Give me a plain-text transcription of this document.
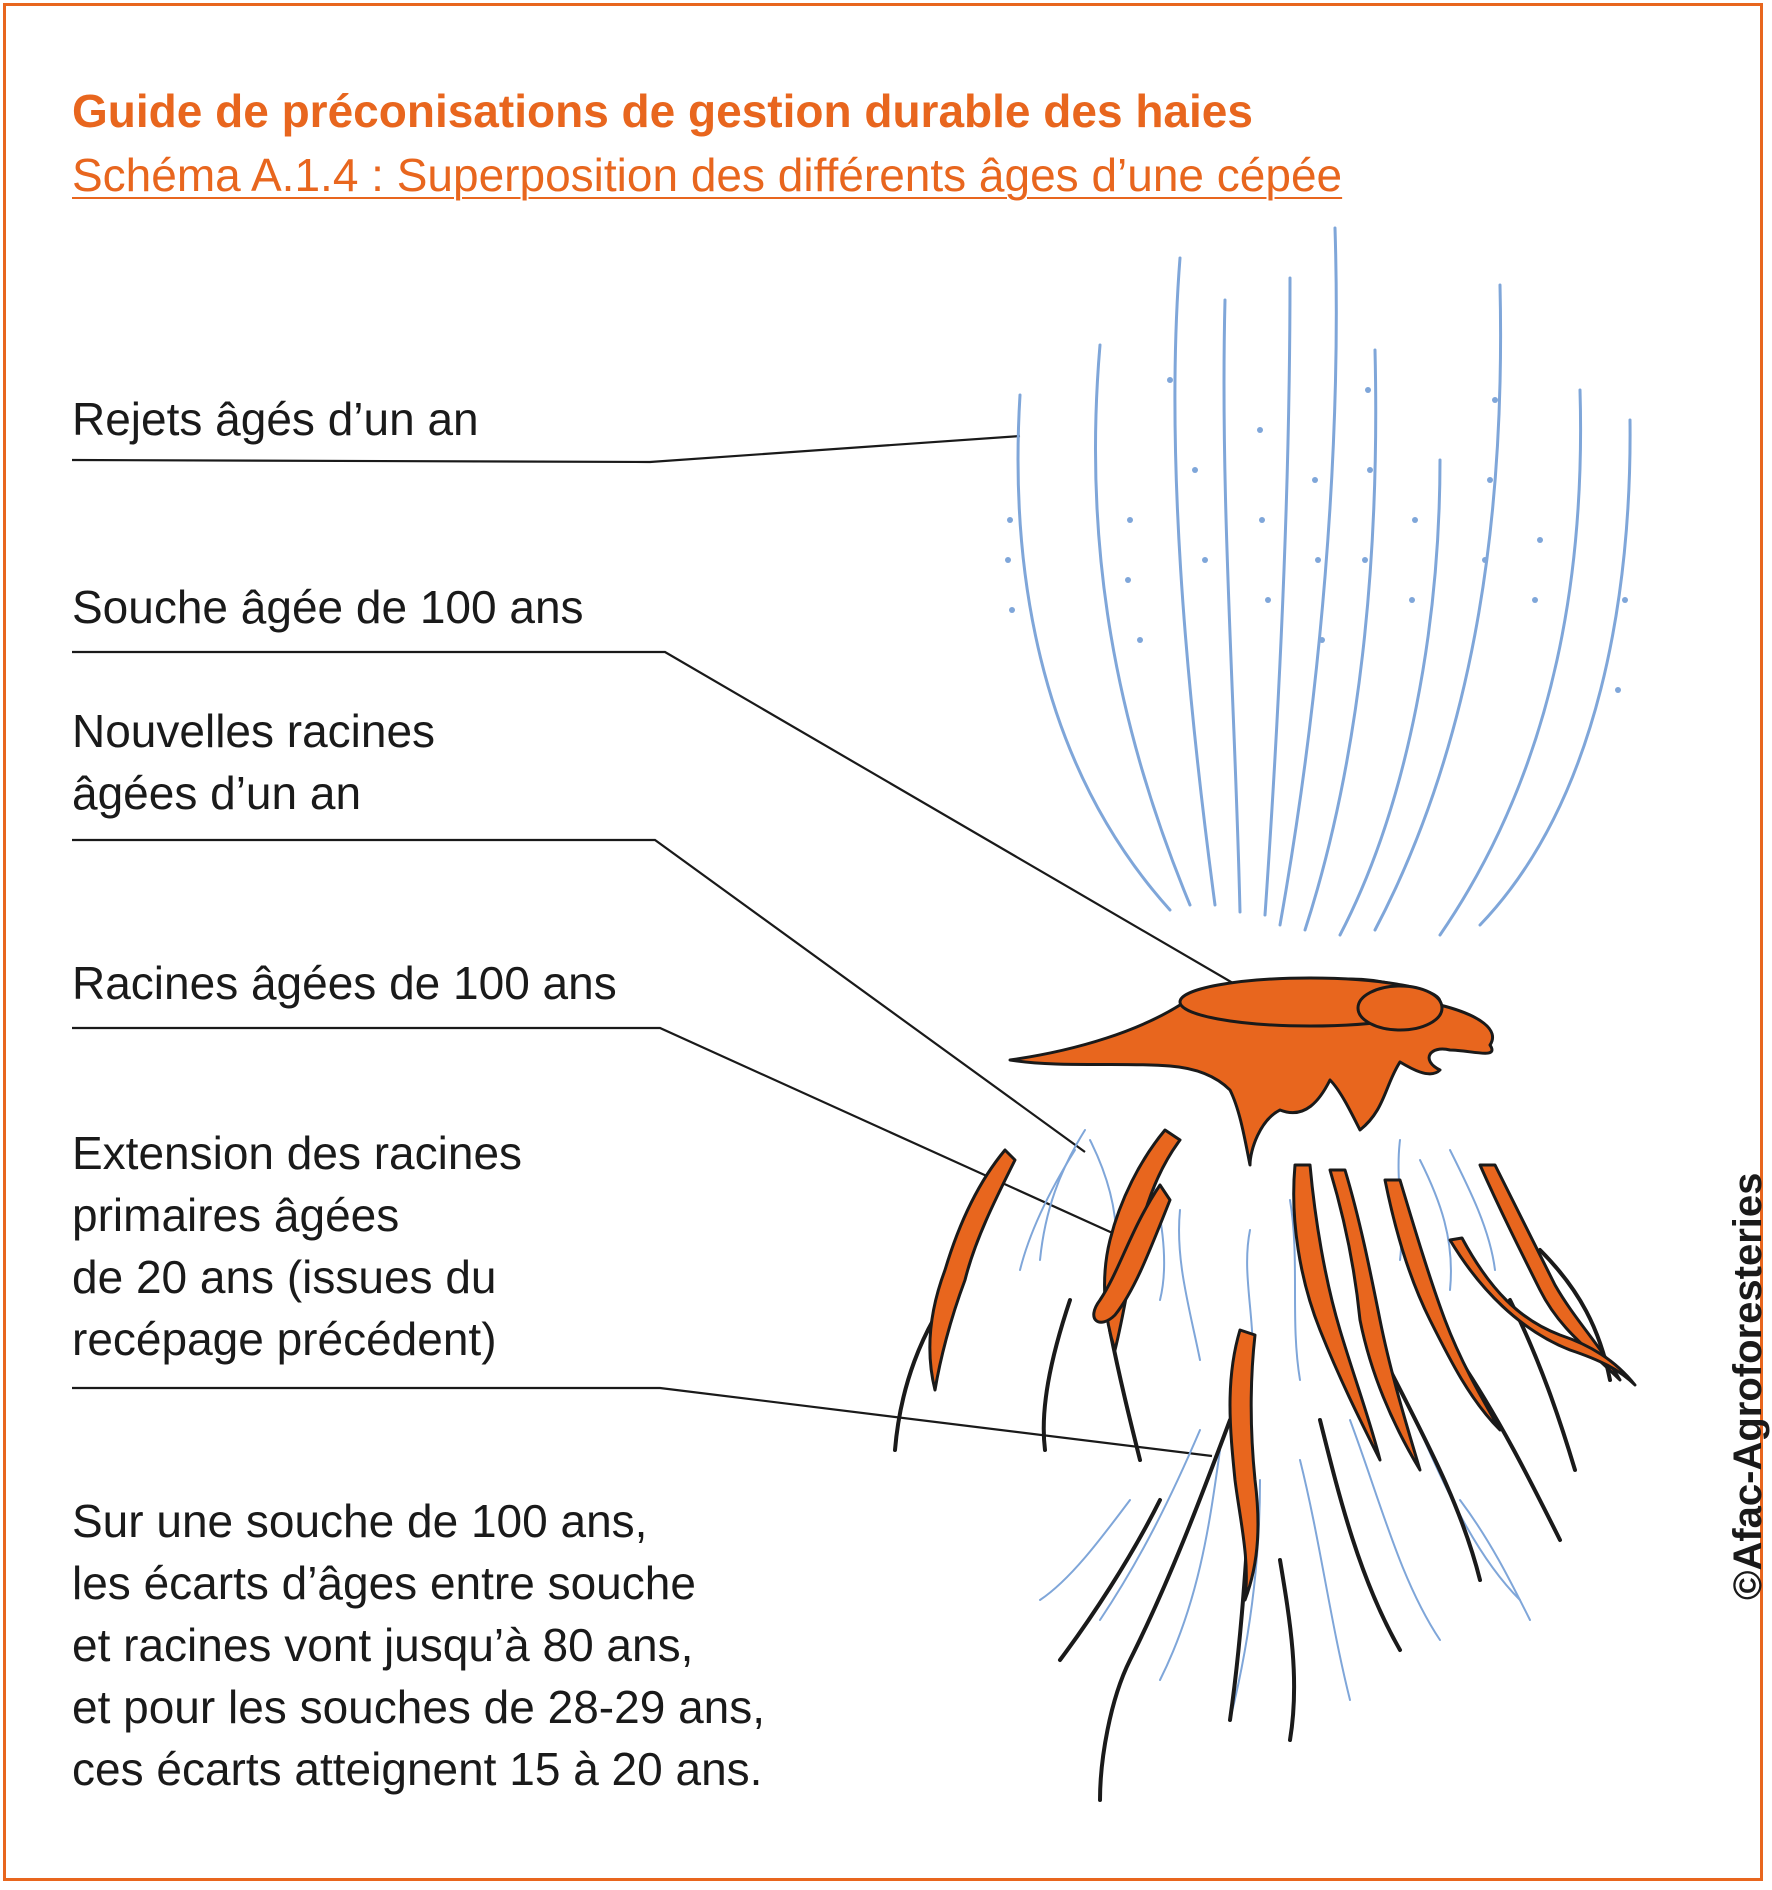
Guide de préconisations de gestion durable des haies
Schéma A.1.4 : Superposition des différents âges d’une cépée
Rejets âgés d’un an
Souche âgée de 100 ans
Nouvelles racines
âgées d’un an
Racines âgées de 100 ans
Extension des racines
primaires âgées
de 20 ans (issues du
recépage précédent)
Sur une souche de 100 ans,
les écarts d’âges entre souche
et racines vont jusqu’à 80 ans,
et pour les souches de 28-29 ans,
ces écarts atteignent 15 à 20 ans.
©Afac-Agroforesteries
